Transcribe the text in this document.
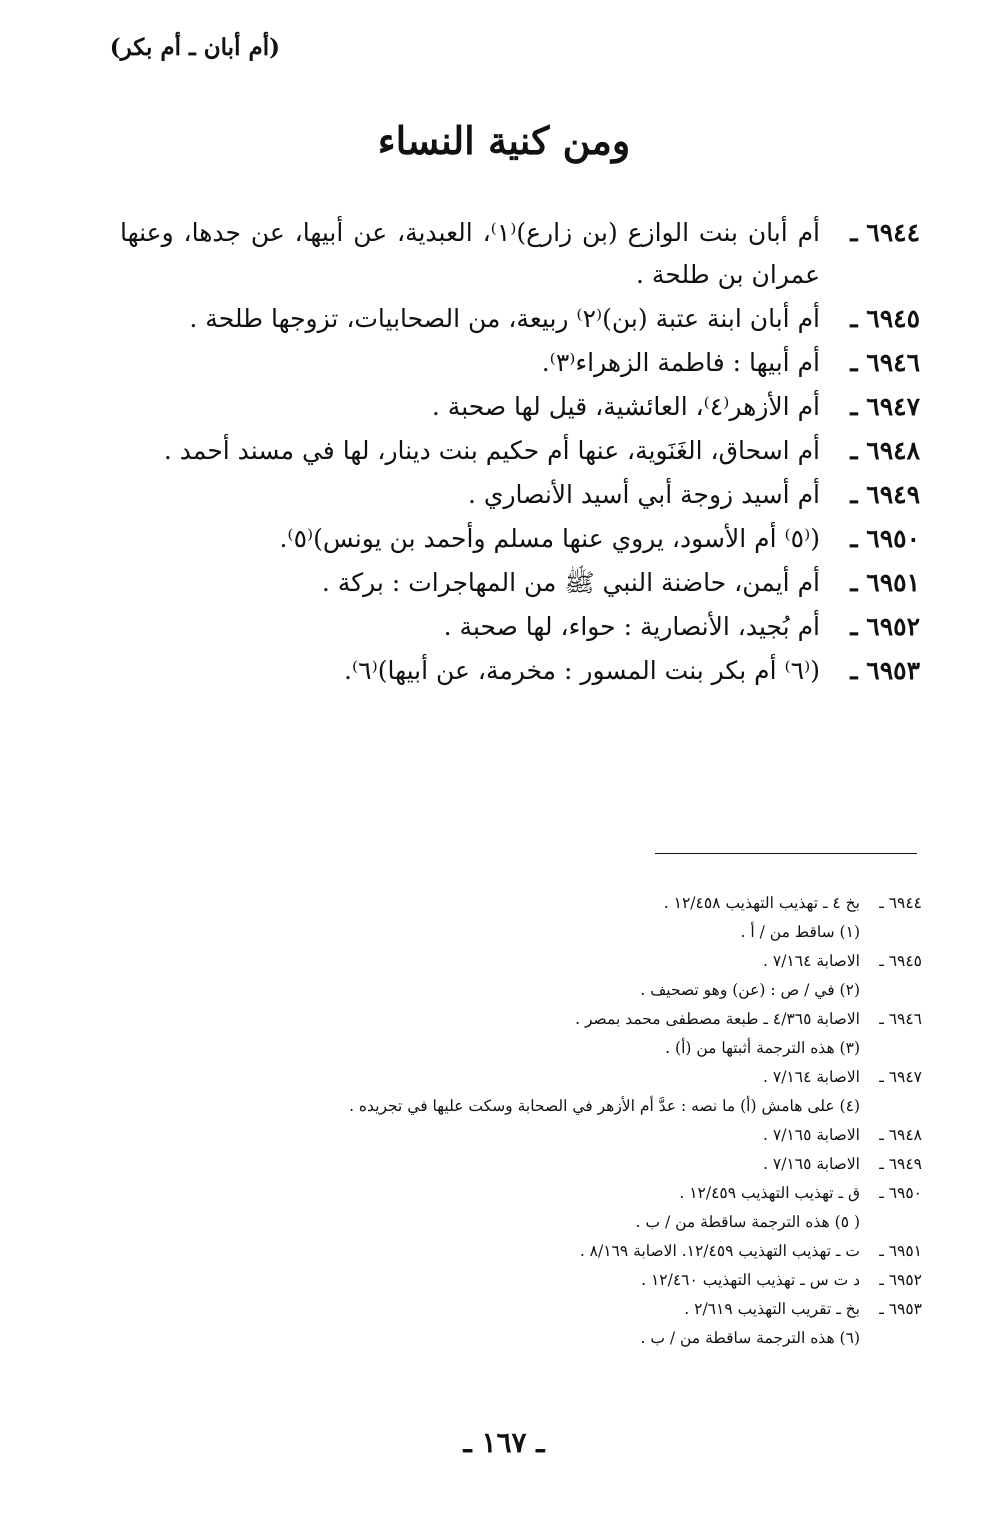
(أم أبان ـ أم بكر)
ومن كنية النساء
٦٩٤٤ ـ
أم أبان بنت الوازع (بن زارع)⁽١⁾، العبدية، عن أبيها، عن جدها، وعنها عمران بن طلحة .
٦٩٤٥ ـ
أم أبان ابنة عتبة (بن)⁽٢⁾ ربيعة، من الصحابيات، تزوجها طلحة .
٦٩٤٦ ـ
أم أبيها : فاطمة الزهراء⁽٣⁾.
٦٩٤٧ ـ
أم الأزهر⁽٤⁾، العائشية، قيل لها صحبة .
٦٩٤٨ ـ
أم اسحاق، الغَنَوية، عنها أم حكيم بنت دينار، لها في مسند أحمد .
٦٩٤٩ ـ
أم أسيد زوجة أبي أسيد الأنصاري .
٦٩٥٠ ـ
(⁽٥⁾ أم الأسود، يروي عنها مسلم وأحمد بن يونس)⁽٥⁾.
٦٩٥١ ـ
أم أيمن، حاضنة النبي ﷺ من المهاجرات : بركة .
٦٩٥٢ ـ
أم بُجيد، الأنصارية : حواء، لها صحبة .
٦٩٥٣ ـ
(⁽٦⁾ أم بكر بنت المسور : مخرمة، عن أبيها)⁽٦⁾.
٦٩٤٤ ـ
بخ ٤ ـ تهذيب التهذيب ١٢/٤٥٨ .
(١) ساقط من / أ .
٦٩٤٥ ـ
الاصابة ٧/١٦٤ .
(٢) في / ص : (عن) وهو تصحيف .
٦٩٤٦ ـ
الاصابة ٤/٣٦٥ ـ طبعة مصطفى محمد بمصر .
(٣) هذه الترجمة أثبتها من (أ) .
٦٩٤٧ ـ
الاصابة ٧/١٦٤ .
(٤) على هامش (أ) ما نصه : عدَّ أم الأزهر في الصحابة وسكت عليها في تجريده .
٦٩٤٨ ـ
الاصابة ٧/١٦٥ .
٦٩٤٩ ـ
الاصابة ٧/١٦٥ .
٦٩٥٠ ـ
ق ـ تهذيب التهذيب ١٢/٤٥٩ .
( ٥) هذه الترجمة ساقطة من / ب .
٦٩٥١ ـ
ت ـ تهذيب التهذيب ١٢/٤٥٩. الاصابة ٨/١٦٩ .
٦٩٥٢ ـ
د ت س ـ تهذيب التهذيب ١٢/٤٦٠ .
٦٩٥٣ ـ
بخ ـ تقريب التهذيب ٢/٦١٩ .
(٦) هذه الترجمة ساقطة من / ب .
ـ ١٦٧ ـ
